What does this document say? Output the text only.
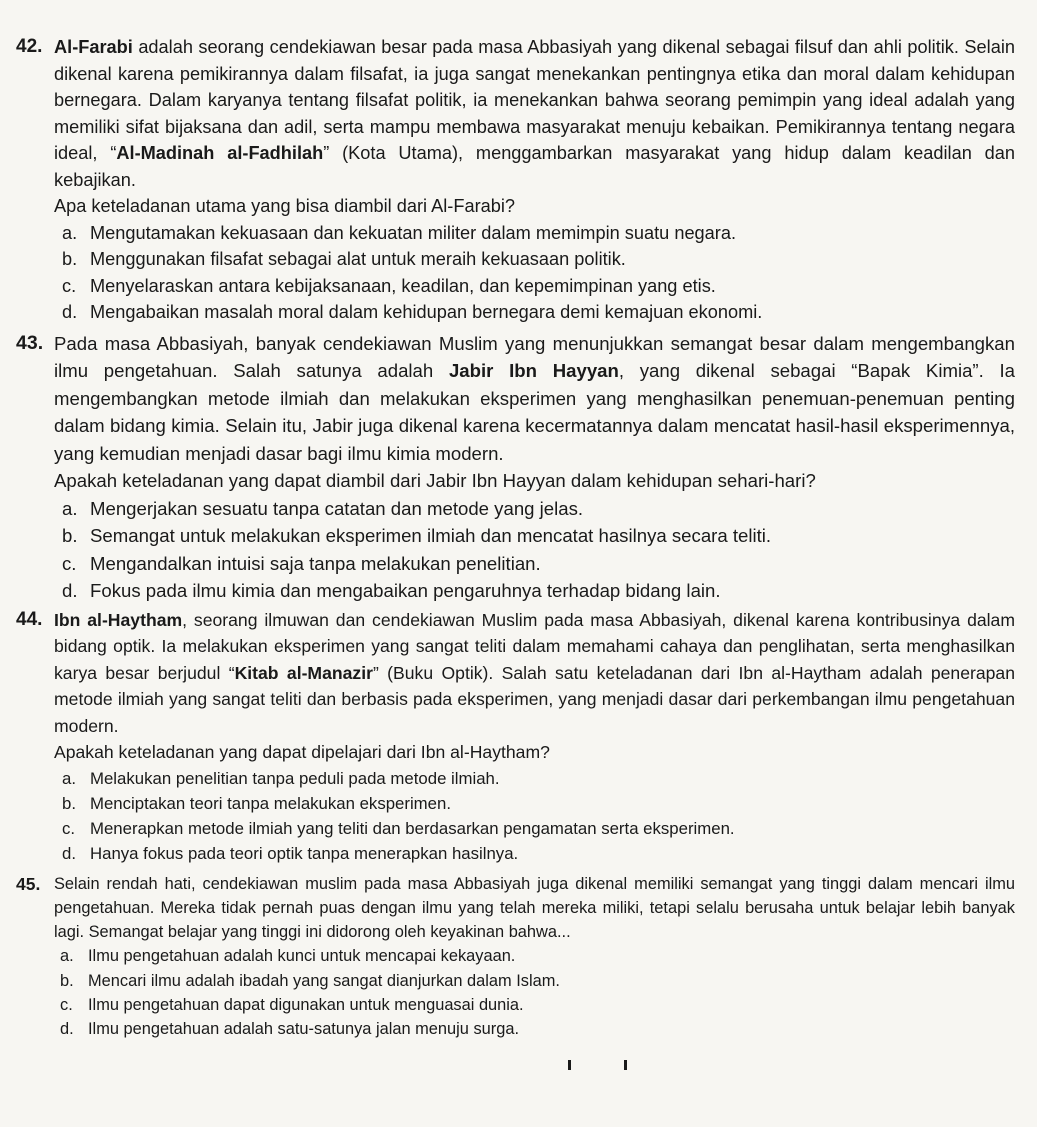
42. Al-Farabi adalah seorang cendekiawan besar pada masa Abbasiyah yang dikenal sebagai filsuf dan ahli politik. Selain dikenal karena pemikirannya dalam filsafat, ia juga sangat menekankan pentingnya etika dan moral dalam kehidupan bernegara. Dalam karyanya tentang filsafat politik, ia menekankan bahwa seorang pemimpin yang ideal adalah yang memiliki sifat bijaksana dan adil, serta mampu membawa masyarakat menuju kebaikan. Pemikirannya tentang negara ideal, “Al-Madinah al-Fadhilah” (Kota Utama), menggambarkan masyarakat yang hidup dalam keadilan dan kebajikan.

Apa keteladanan utama yang bisa diambil dari Al-Farabi?

a. Mengutamakan kekuasaan dan kekuatan militer dalam memimpin suatu negara.

b. Menggunakan filsafat sebagai alat untuk meraih kekuasaan politik.

c. Menyelaraskan antara kebijaksanaan, keadilan, dan kepemimpinan yang etis.

d. Mengabaikan masalah moral dalam kehidupan bernegara demi kemajuan ekonomi.

43. Pada masa Abbasiyah, banyak cendekiawan Muslim yang menunjukkan semangat besar dalam mengembangkan ilmu pengetahuan. Salah satunya adalah Jabir Ibn Hayyan, yang dikenal sebagai “Bapak Kimia”. Ia mengembangkan metode ilmiah dan melakukan eksperimen yang menghasilkan penemuan-penemuan penting dalam bidang kimia. Selain itu, Jabir juga dikenal karena kecermatannya dalam mencatat hasil-hasil eksperimennya, yang kemudian menjadi dasar bagi ilmu kimia modern.

Apakah keteladanan yang dapat diambil dari Jabir Ibn Hayyan dalam kehidupan sehari-hari?

a. Mengerjakan sesuatu tanpa catatan dan metode yang jelas.

b. Semangat untuk melakukan eksperimen ilmiah dan mencatat hasilnya secara teliti.

c. Mengandalkan intuisi saja tanpa melakukan penelitian.

d. Fokus pada ilmu kimia dan mengabaikan pengaruhnya terhadap bidang lain.

44. Ibn al-Haytham, seorang ilmuwan dan cendekiawan Muslim pada masa Abbasiyah, dikenal karena kontribusinya dalam bidang optik. Ia melakukan eksperimen yang sangat teliti dalam memahami cahaya dan penglihatan, serta menghasilkan karya besar berjudul “Kitab al-Manazir” (Buku Optik). Salah satu keteladanan dari Ibn al-Haytham adalah penerapan metode ilmiah yang sangat teliti dan berbasis pada eksperimen, yang menjadi dasar dari perkembangan ilmu pengetahuan modern.

Apakah keteladanan yang dapat dipelajari dari Ibn al-Haytham?

a. Melakukan penelitian tanpa peduli pada metode ilmiah.

b. Menciptakan teori tanpa melakukan eksperimen.

c. Menerapkan metode ilmiah yang teliti dan berdasarkan pengamatan serta eksperimen.

d. Hanya fokus pada teori optik tanpa menerapkan hasilnya.

45. Selain rendah hati, cendekiawan muslim pada masa Abbasiyah juga dikenal memiliki semangat yang tinggi dalam mencari ilmu pengetahuan. Mereka tidak pernah puas dengan ilmu yang telah mereka miliki, tetapi selalu berusaha untuk belajar lebih banyak lagi. Semangat belajar yang tinggi ini didorong oleh keyakinan bahwa...

a. Ilmu pengetahuan adalah kunci untuk mencapai kekayaan.

b. Mencari ilmu adalah ibadah yang sangat dianjurkan dalam Islam.

c. Ilmu pengetahuan dapat digunakan untuk menguasai dunia.

d. Ilmu pengetahuan adalah satu-satunya jalan menuju surga.
